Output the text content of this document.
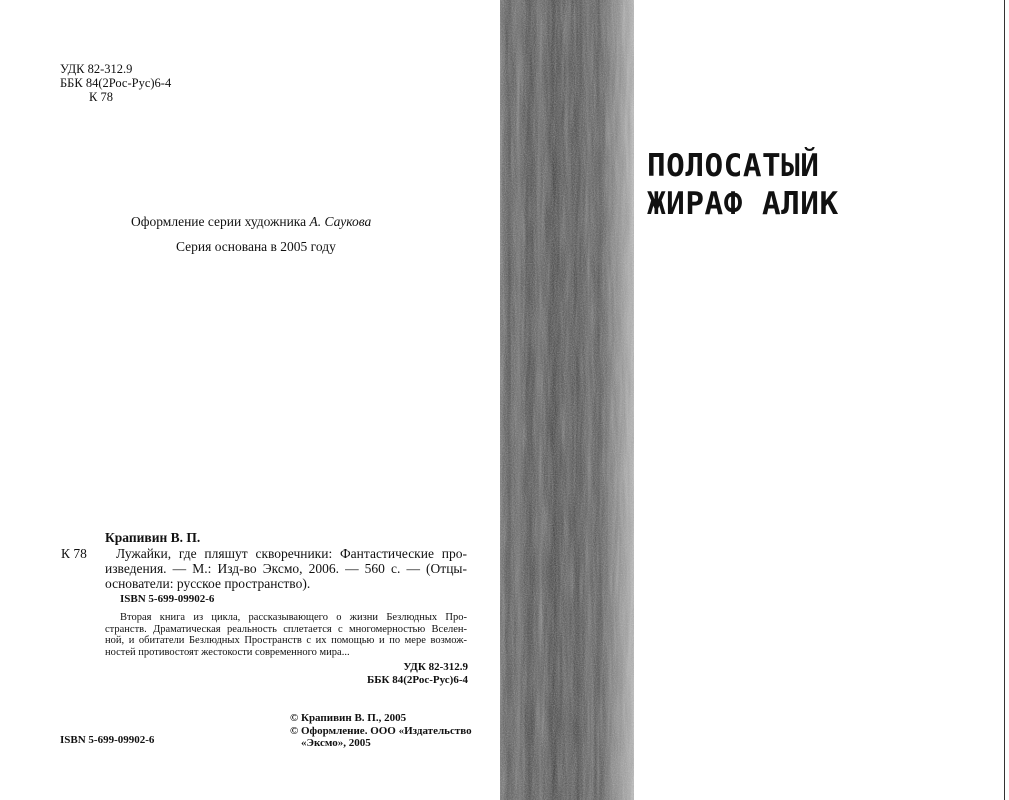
УДК 82-312.9
ББК 84(2Рос-Рус)6-4
К 78
Оформление серии художника А. Саукова
Серия основана в 2005 году
Крапивин В. П.
К 78	Лужайки, где пляшут скворечники: Фантастические про-
изведения. — М.: Изд-во Эксмо, 2006. — 560 с. — (Отцы-
основатели: русское пространство).
ISBN 5-699-09902-6
Вторая книга из цикла, рассказывающего о жизни Безлюдных Про-
странств. Драматическая реальность сплетается с многомерностью Вселен-
ной, и обитатели Безлюдных Пространств с их помощью и по мере возмож-
ностей противостоят жестокости современного мира...
УДК 82-312.9
ББК 84(2Рос-Рус)6-4
ISBN 5-699-09902-6
© Крапивин В. П., 2005
© Оформление. ООО «Издательство
«Эксмо», 2005
ПОЛОСАТЫЙ
ЖИРАФ АЛИК
